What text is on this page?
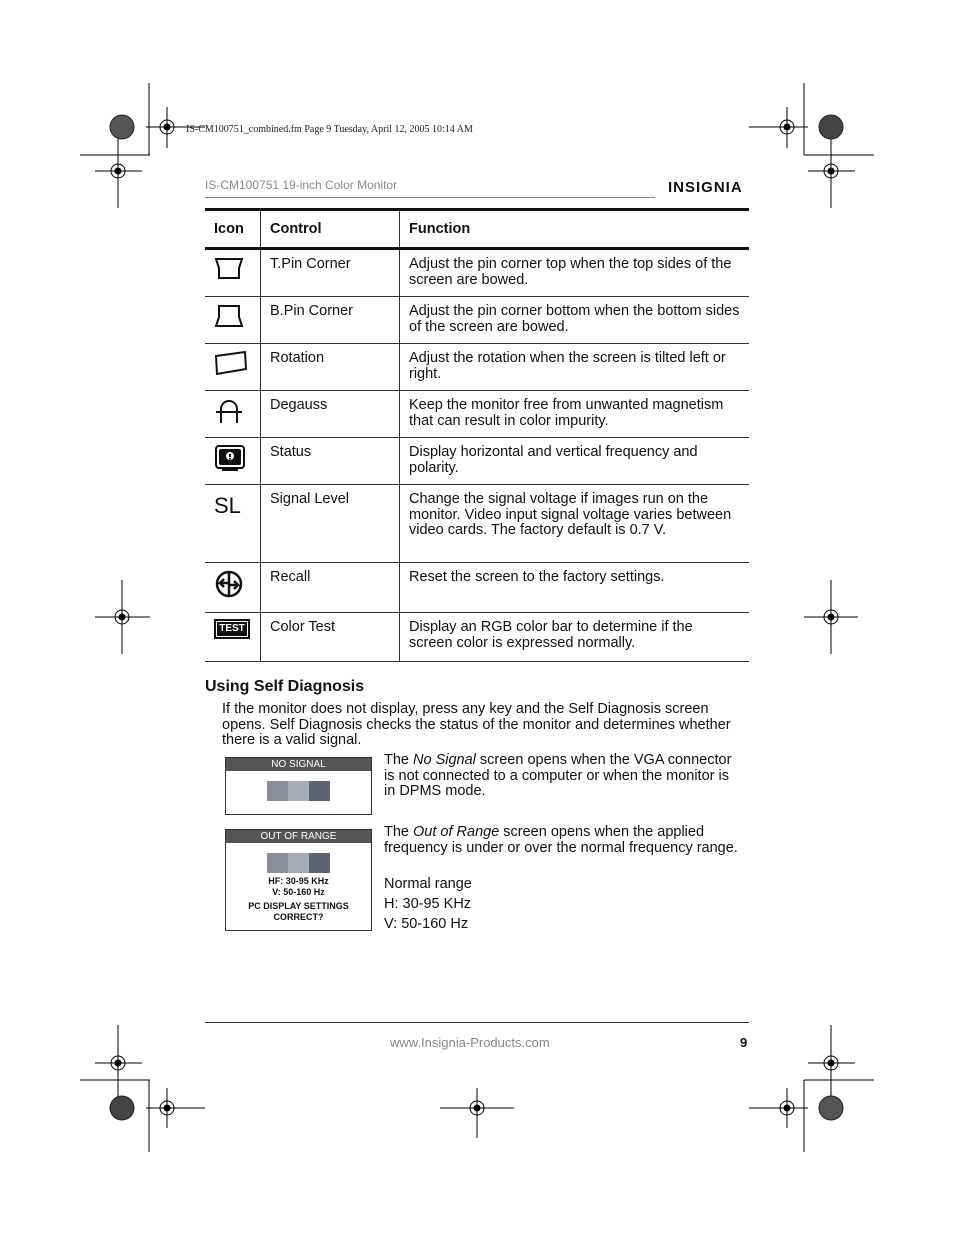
IS-CM100751_combined.fm Page 9 Tuesday, April 12, 2005 10:14 AM
IS-CM100751 19-inch Color Monitor	INSIGNIA
Icon	Control	Function
	T.Pin Corner	Adjust the pin corner top when the top sides of the screen are bowed.
	B.Pin Corner	Adjust the pin corner bottom when the bottom sides of the screen are bowed.
	Rotation	Adjust the rotation when the screen is tilted left or right.
	Degauss	Keep the monitor free from unwanted magnetism that can result in color impurity.
	Status	Display horizontal and vertical frequency and polarity.
SL	Signal Level	Change the signal voltage if images run on the monitor. Video input signal voltage varies between video cards. The factory default is 0.7 V.
	Recall	Reset the screen to the factory settings.

TEST	Color Test	Display an RGB color bar to determine if the screen color is expressed normally.
Using Self Diagnosis
If the monitor does not display, press any key and the Self Diagnosis screen opens. Self Diagnosis checks the status of the monitor and determines whether there is a valid signal.
NO SIGNAL	The No Signal screen opens when the VGA connector is not connected to a computer or when the monitor is in DPMS mode.
OUT OF RANGE
HF: 30-95 KHz
V: 50-160 Hz
PC DISPLAY SETTINGS
CORRECT?
The Out of Range screen opens when the applied frequency is under or over the normal frequency range.
Normal range
H: 30-95 KHz
V: 50-160 Hz
www.Insignia-Products.com	9
